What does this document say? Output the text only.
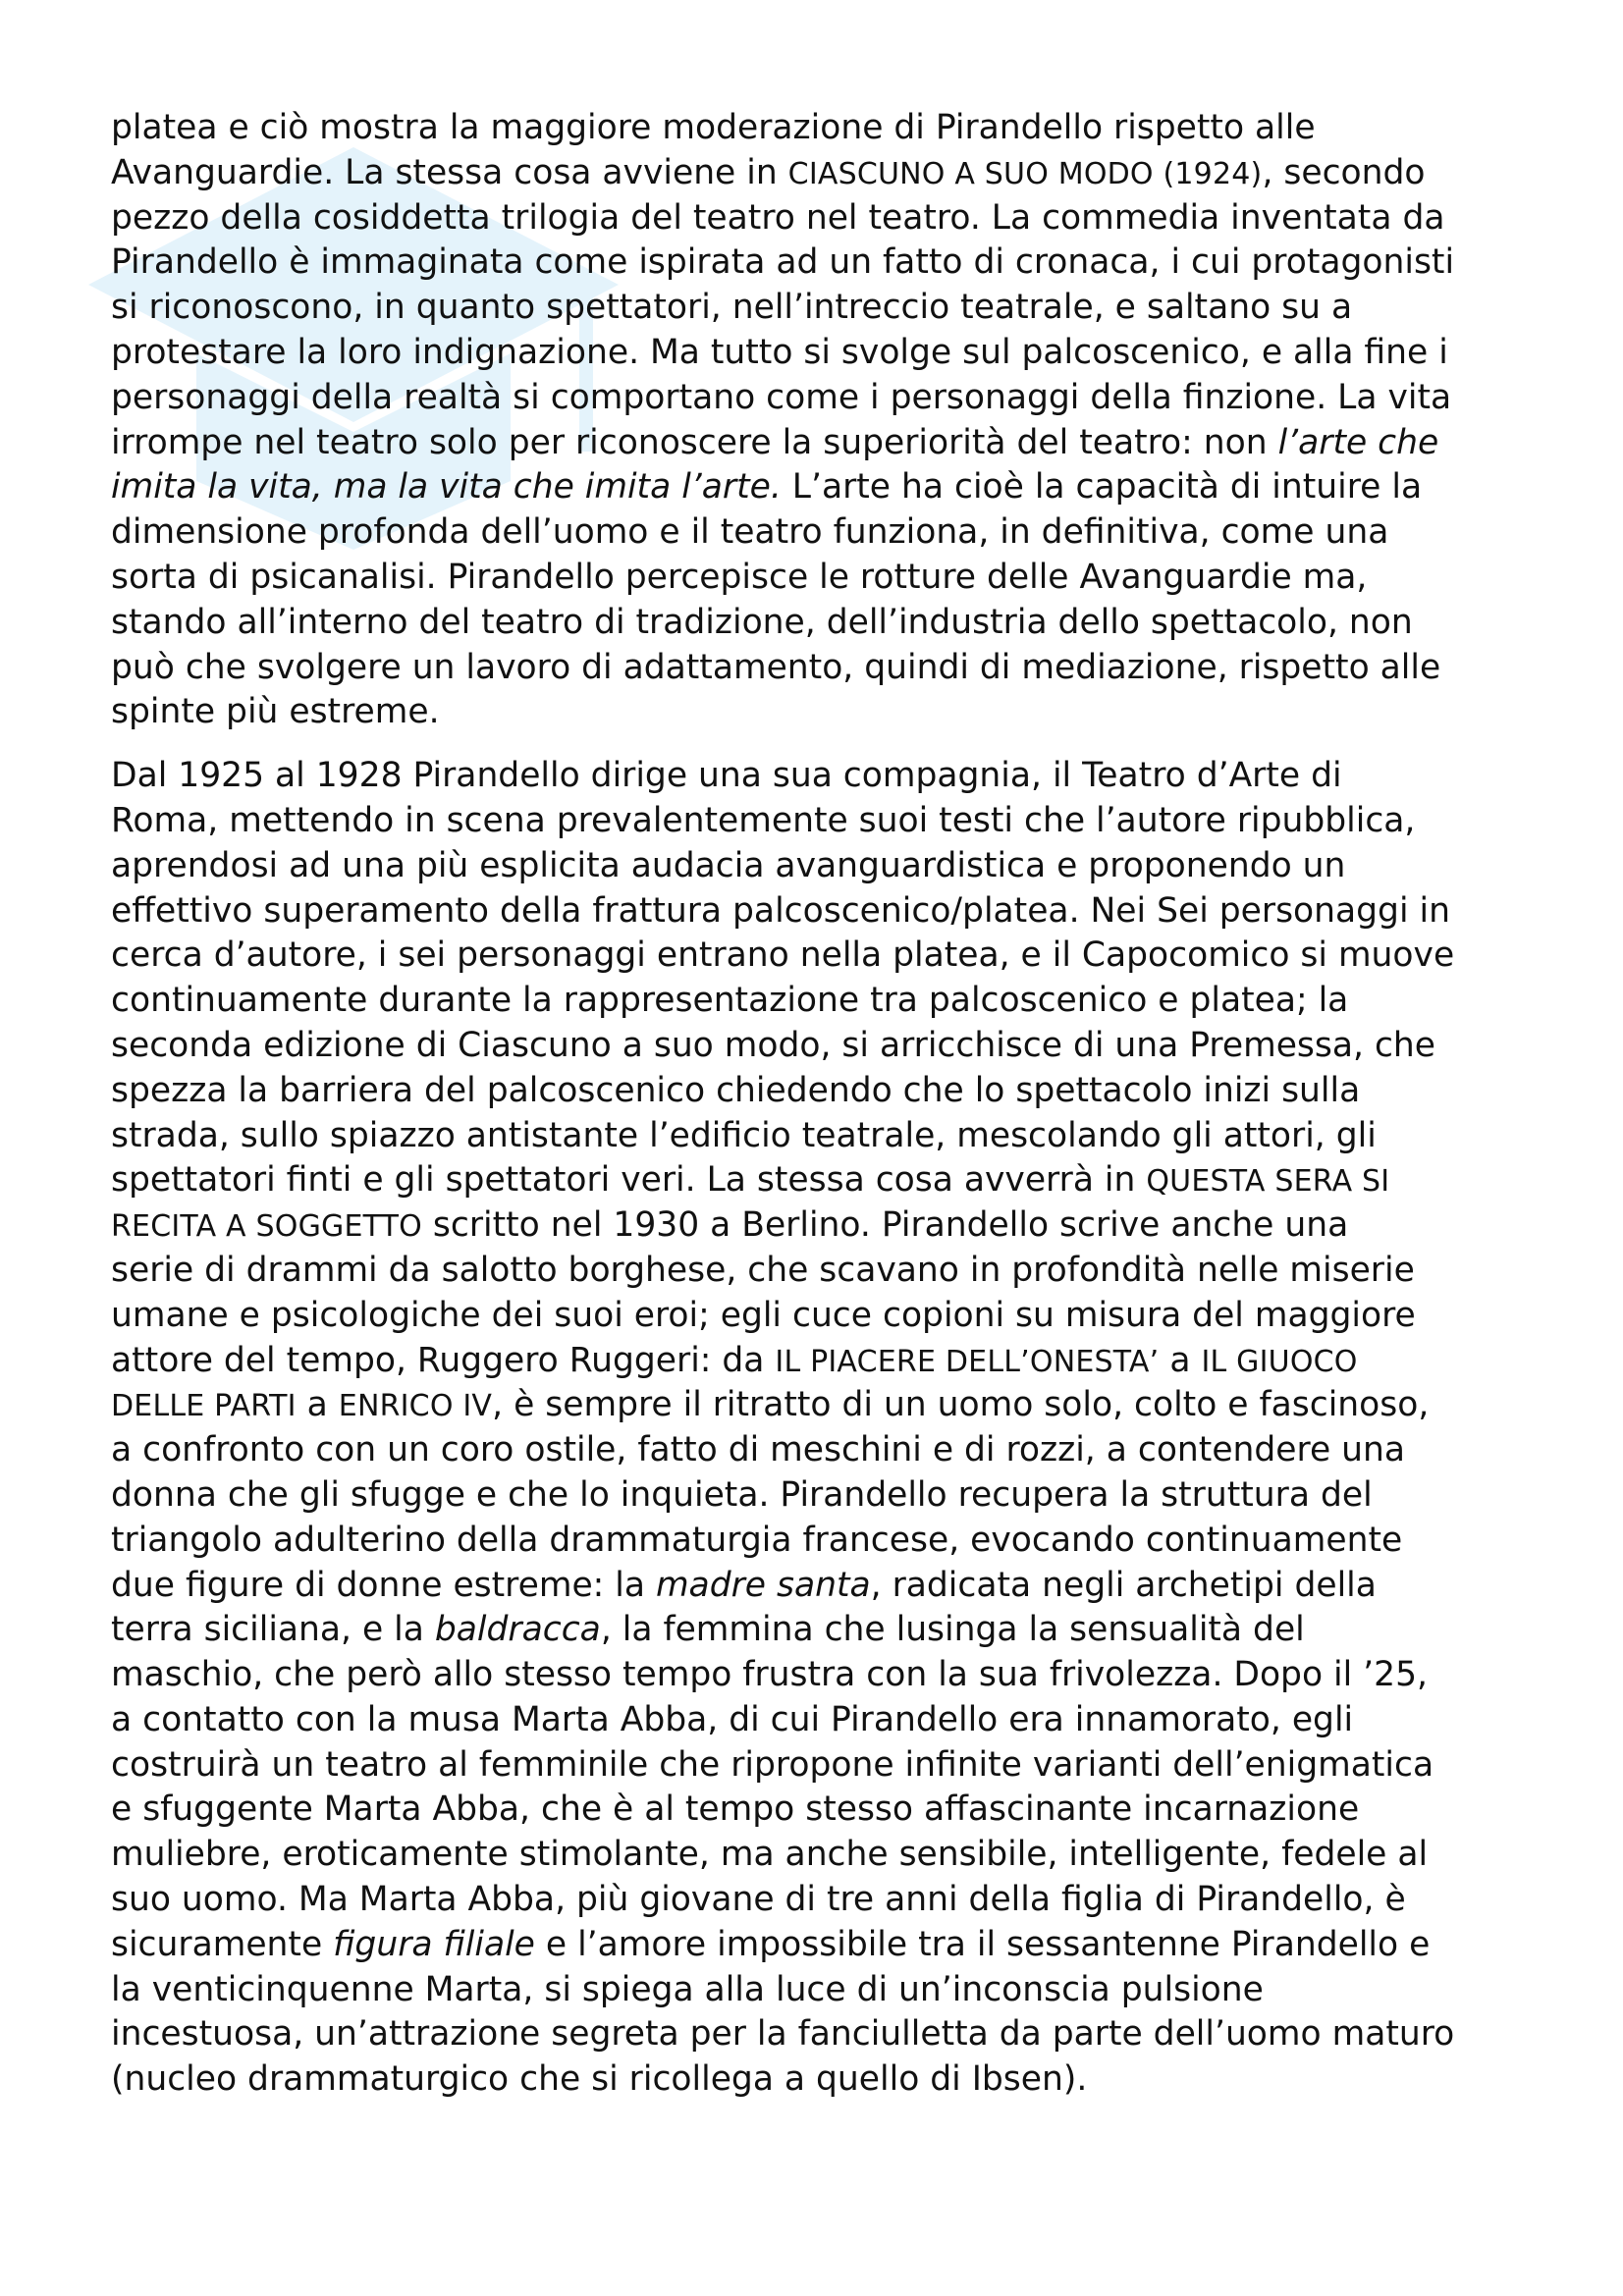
platea e ciò mostra la maggiore moderazione di Pirandello rispetto alle
Avanguardie. La stessa cosa avviene in CIASCUNO A SUO MODO (1924), secondo
pezzo della cosiddetta trilogia del teatro nel teatro. La commedia inventata da
Pirandello è immaginata come ispirata ad un fatto di cronaca, i cui protagonisti
si riconoscono, in quanto spettatori, nell’intreccio teatrale, e saltano su a
protestare la loro indignazione. Ma tutto si svolge sul palcoscenico, e alla fine i
personaggi della realtà si comportano come i personaggi della finzione. La vita
irrompe nel teatro solo per riconoscere la superiorità del teatro: non l’arte che
imita la vita, ma la vita che imita l’arte. L’arte ha cioè la capacità di intuire la
dimensione profonda dell’uomo e il teatro funziona, in definitiva, come una
sorta di psicanalisi. Pirandello percepisce le rotture delle Avanguardie ma,
stando all’interno del teatro di tradizione, dell’industria dello spettacolo, non
può che svolgere un lavoro di adattamento, quindi di mediazione, rispetto alle
spinte più estreme.
Dal 1925 al 1928 Pirandello dirige una sua compagnia, il Teatro d’Arte di
Roma, mettendo in scena prevalentemente suoi testi che l’autore ripubblica,
aprendosi ad una più esplicita audacia avanguardistica e proponendo un
effettivo superamento della frattura palcoscenico/platea. Nei Sei personaggi in
cerca d’autore, i sei personaggi entrano nella platea, e il Capocomico si muove
continuamente durante la rappresentazione tra palcoscenico e platea; la
seconda edizione di Ciascuno a suo modo, si arricchisce di una Premessa, che
spezza la barriera del palcoscenico chiedendo che lo spettacolo inizi sulla
strada, sullo spiazzo antistante l’edificio teatrale, mescolando gli attori, gli
spettatori finti e gli spettatori veri. La stessa cosa avverrà in QUESTA SERA SI
RECITA A SOGGETTO scritto nel 1930 a Berlino. Pirandello scrive anche una
serie di drammi da salotto borghese, che scavano in profondità nelle miserie
umane e psicologiche dei suoi eroi; egli cuce copioni su misura del maggiore
attore del tempo, Ruggero Ruggeri: da IL PIACERE DELL’ONESTA’ a IL GIUOCO
DELLE PARTI a ENRICO IV, è sempre il ritratto di un uomo solo, colto e fascinoso,
a confronto con un coro ostile, fatto di meschini e di rozzi, a contendere una
donna che gli sfugge e che lo inquieta. Pirandello recupera la struttura del
triangolo adulterino della drammaturgia francese, evocando continuamente
due figure di donne estreme: la madre santa, radicata negli archetipi della
terra siciliana, e la baldracca, la femmina che lusinga la sensualità del
maschio, che però allo stesso tempo frustra con la sua frivolezza. Dopo il ’25,
a contatto con la musa Marta Abba, di cui Pirandello era innamorato, egli
costruirà un teatro al femminile che ripropone infinite varianti dell’enigmatica
e sfuggente Marta Abba, che è al tempo stesso affascinante incarnazione
muliebre, eroticamente stimolante, ma anche sensibile, intelligente, fedele al
suo uomo. Ma Marta Abba, più giovane di tre anni della figlia di Pirandello, è
sicuramente figura filiale e l’amore impossibile tra il sessantenne Pirandello e
la venticinquenne Marta, si spiega alla luce di un’inconscia pulsione
incestuosa, un’attrazione segreta per la fanciulletta da parte dell’uomo maturo
(nucleo drammaturgico che si ricollega a quello di Ibsen).
